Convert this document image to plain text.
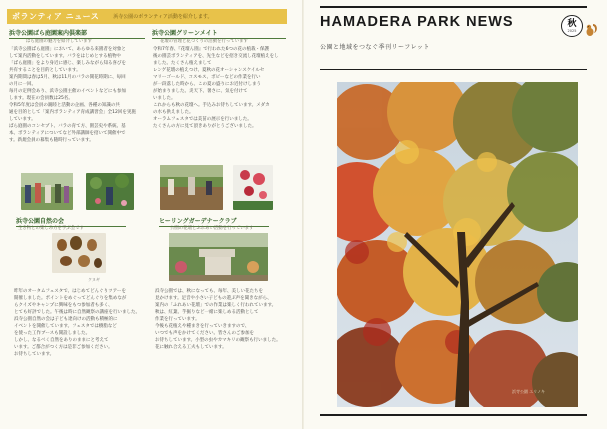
ボランティア ニュース	浜寺公園のボランティア活動を紹介します。
浜寺公園ばら庭園案内倶楽部
ばら庭園の魅力を紹介しています
「浜寺公園ばら庭園」において、あらゆる来園者を対象と
して案内活動をしています。バラをはじめとする植物や
「ばら庭園」をより身近に感じ、楽しみながら知る喜びを
共有することを目的としています。
案内期間は春は5月、秋は11月のバラの開花時期に、毎回
の月に一回。
毎月の定例会あり、浜寺公園主催のイベントなどにも参加
します。現在の会員数は25名。
令和5年度は会員の親睦と活動の企画、各種の知識の共
通を目的として「案内ボランティア育成講習会」全12回を実施
しています。
ばら庭園のコンセプト、バラの育て方、園芸史や系統、基
本、ボランティアについてなど外部講師を招いて開催中で
す。新規会員の募集も随時行っています。
浜寺公園グリーンメイト
花壇の管理と花づくりの活動を行っています
令和7年春、『花壇ん園』で行われた6つの花の植栽・保護
後の園芸ボランティアを、先生などを招き交流し花壇植えをし
ました。たくさん植えまして
レンゲ花壇の植えつけ、夏秋の花オーシャンスケイルセ
マリーゴールド、コスモス、ポピーなどの作業を行い
が一段落した時から、この夏の盛りにお近付けしまう
が始まりました。炎天下、暑さに、気を付けて
いました。
これからも秋の花壇へ。手込みお待ちしています。メダカ
の水も供えました。
オーラムフェスタでは美苗の展示を行いました。
たくさんの方に見て頂きありがとうございました。
浜寺公園自然の会
生き物との楽しみ方を学ぶ会です
クヌギ
昨年のオータムフェスタで、はじめてどんぐりツアーを
開催しました。ポイントをめぐってどんぐりを集めなが
らクイズやキャンプに興味をもつ参加者も多く、
とても好評でした。午後は時に自然観察の講座を行いました。
浜寺公園自然の会は子ども達向けの活動も積極的に
イベントを開催しています。フェスタでは樹脂など
を使った工作ブースも開設しました。
しかし、なるべく自然をありのままにと考えて
います。ご都合がつく方は是非ご参加ください。
お待ちしています。
ヒーリングガーデナークラブ
公園の花壇とふれあい活動を行っています
浜寺公園では、秋になっても、毎年、美しい花たちを
見かけます。足音や小さい子どもの遊ぶ声を聞きながら、
案内の「ふれあい花壇」での作業は楽しく行われています。
秋は、紅葉、芋掘りなど一緒に楽しめる活動として
作業を行っています。
今後も花植えや種まきを行っていきますので、
いつでも声をかけてください。皆さんのご参加を
お待ちしています。小型の虫やカマキリの観察も行いました。
花に触れ合える工夫もしています。
HAMADERA PARK NEWS
公園と地域をつなぐ季刊リーフレット
秋
2025
浜寺公園 ユリノキ
